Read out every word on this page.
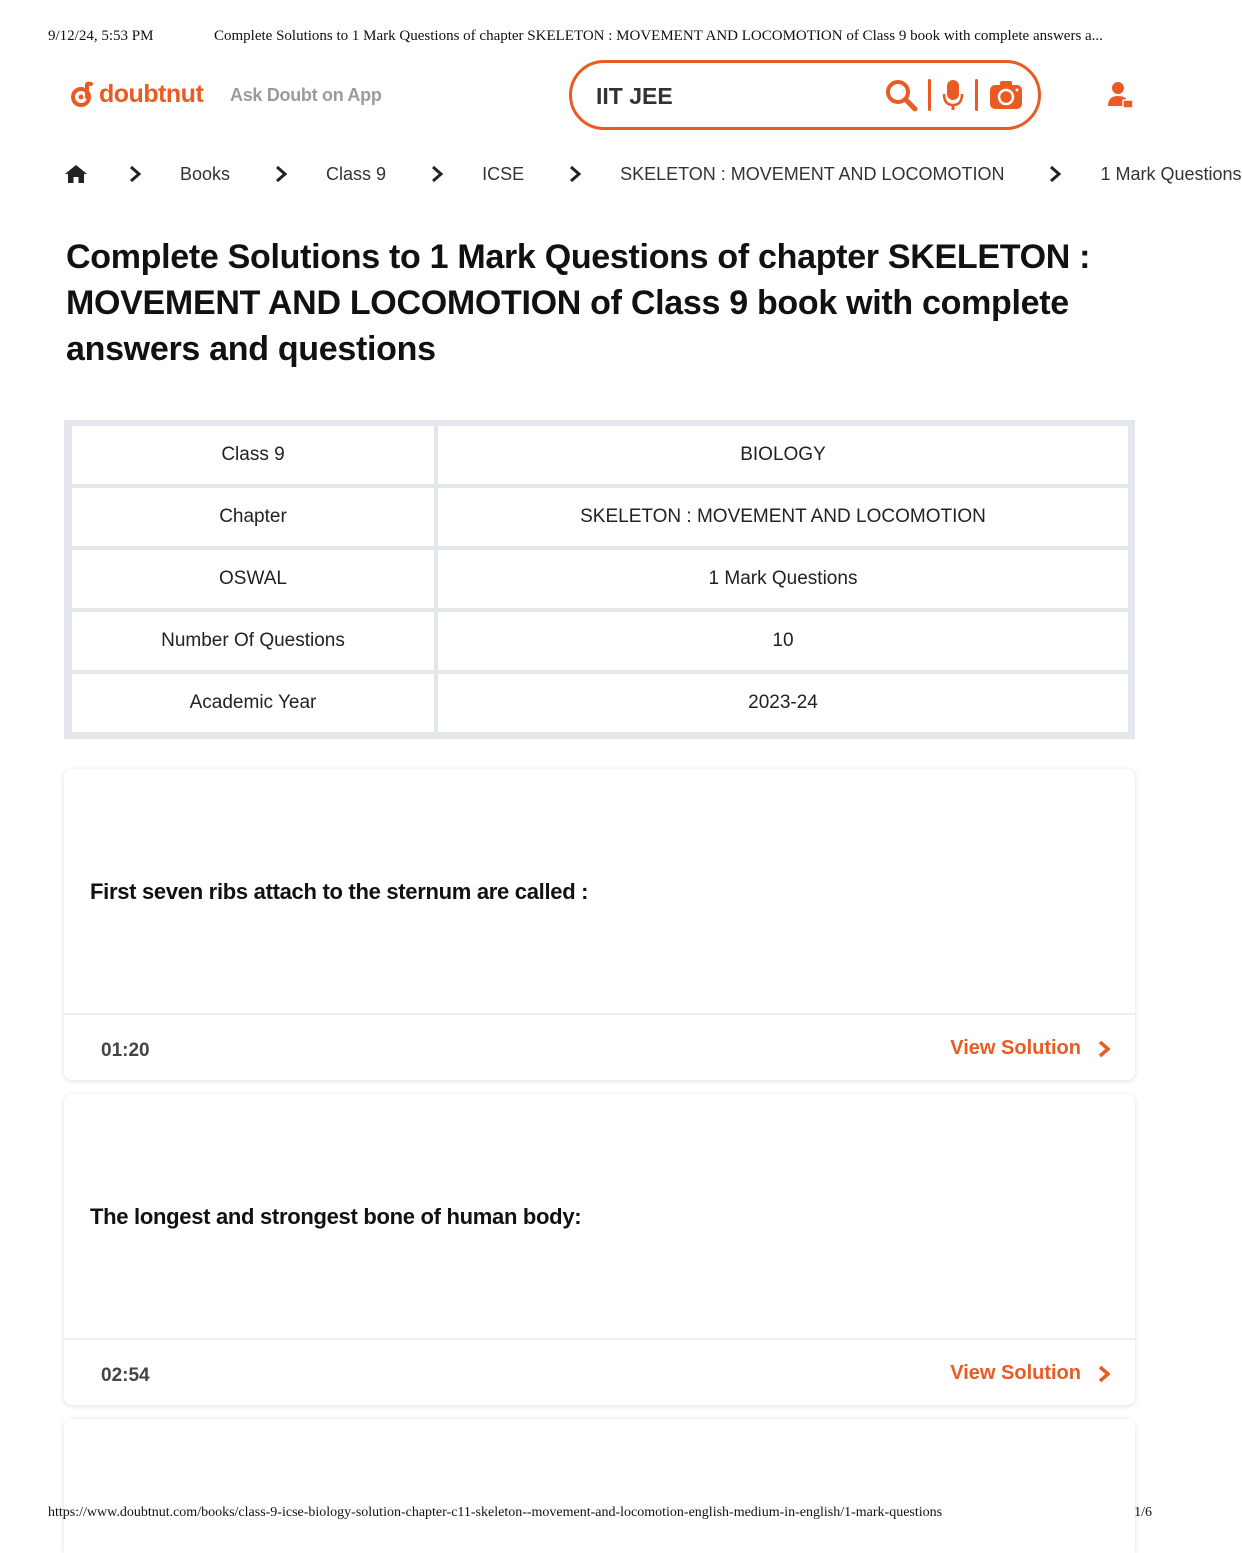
9/12/24, 5:53 PM	Complete Solutions to 1 Mark Questions of chapter SKELETON : MOVEMENT AND LOCOMOTION of Class 9 book with complete answers a...
doubtnut Ask Doubt on App
IIT JEE
Books	Class 9	ICSE	SKELETON : MOVEMENT AND LOCOMOTION	1 Mark Questions
Complete Solutions to 1 Mark Questions of chapter SKELETON : MOVEMENT AND LOCOMOTION of Class 9 book with complete answers and questions
Class 9	BIOLOGY
Chapter	SKELETON : MOVEMENT AND LOCOMOTION
OSWAL	1 Mark Questions
Number Of Questions	10
Academic Year	2023-24
First seven ribs attach to the sternum are called :
01:20	View Solution
The longest and strongest bone of human body:
02:54	View Solution
https://www.doubtnut.com/books/class-9-icse-biology-solution-chapter-c11-skeleton--movement-and-locomotion-english-medium-in-english/1-mark-questions	1/6
